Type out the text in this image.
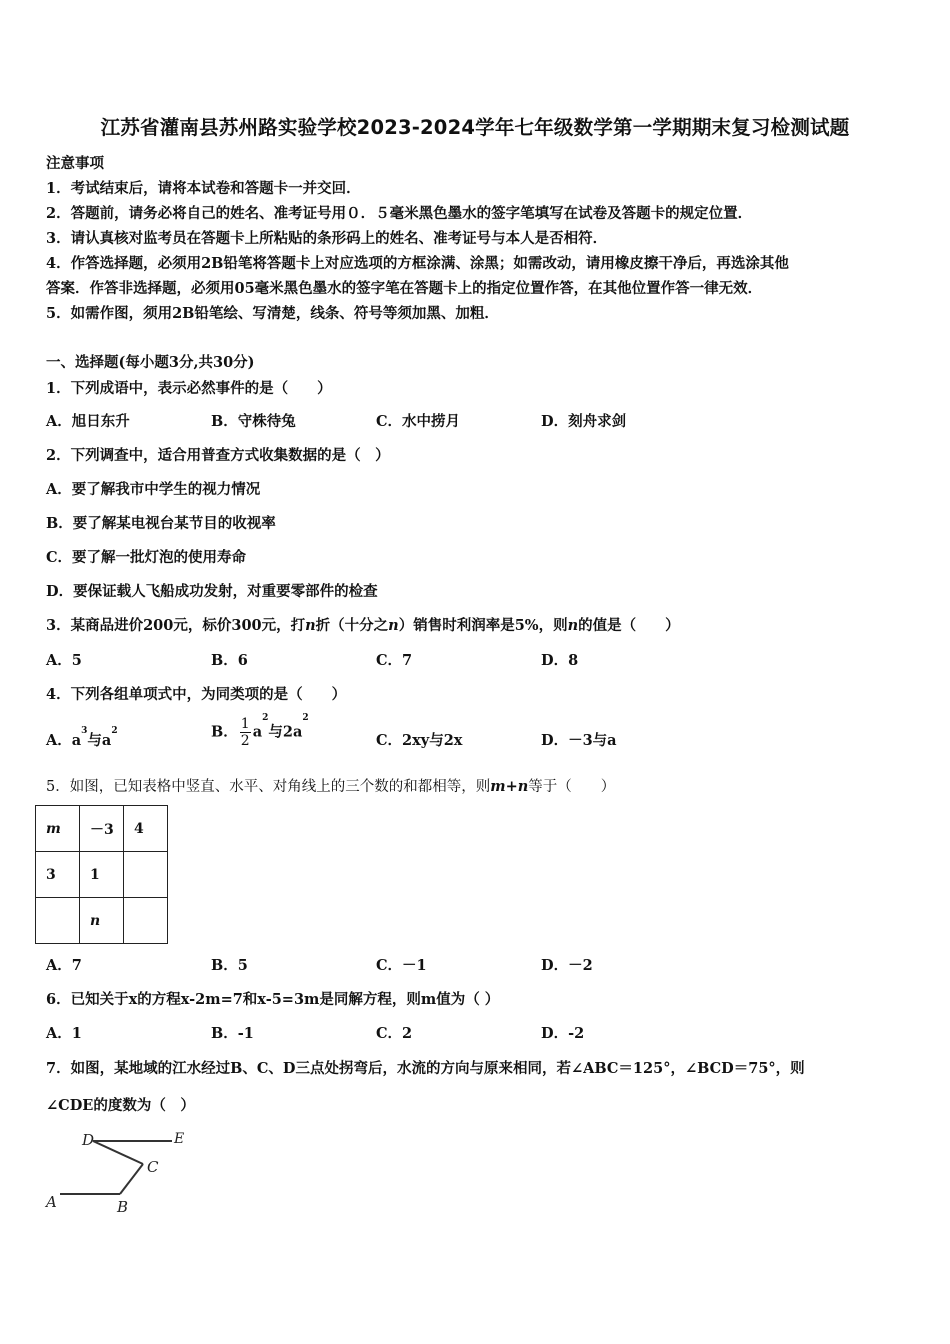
江苏省灌南县苏州路实验学校2023-2024学年七年级数学第一学期期末复习检测试题
注意事项
1．考试结束后，请将本试卷和答题卡一并交回．
2．答题前，请务必将自己的姓名、准考证号用０．５毫米黑色墨水的签字笔填写在试卷及答题卡的规定位置．
3．请认真核对监考员在答题卡上所粘贴的条形码上的姓名、准考证号与本人是否相符．
4．作答选择题，必须用2B铅笔将答题卡上对应选项的方框涂满、涂黑；如需改动，请用橡皮擦干净后，再选涂其他
答案．作答非选择题，必须用05毫米黑色墨水的签字笔在答题卡上的指定位置作答，在其他位置作答一律无效．
5．如需作图，须用2B铅笔绘、写清楚，线条、符号等须加黑、加粗．
一、选择题(每小题3分,共30分)
1．下列成语中，表示必然事件的是（　　）
A．旭日东升	B．守株待兔	C．水中捞月	D．刻舟求剑
2．下列调查中，适合用普查方式收集数据的是（　）
A．要了解我市中学生的视力情况
B．要了解某电视台某节目的收视率
C．要了解一批灯泡的使用寿命
D．要保证载人飞船成功发射，对重要零部件的检查
3．某商品进价200元，标价300元，打n折（十分之n）销售时利润率是5%，则n的值是（　　）
A．5	B．6	C．7	D．8
4．下列各组单项式中，为同类项的是（　　）
A．$a^3$与$a^2$	B． $\frac{1}{2} a^2$与$2a^2$
C．2xy与2x	D．－3与a
5．如图，已知表格中竖直、水平、对角线上的三个数的和都相等，则m+n等于（　　）
m	－3	4
3	1	
	n	
A．7	B．5	C．－1	D．－2
6．已知关于x的方程x-2m=7和x-5=3m是同解方程，则m值为（ ）
A．1	B．-1	C．2	D．-2
7．如图，某地域的江水经过B、C、D三点处拐弯后，水流的方向与原来相同，若∠ABC＝125°，∠BCD＝75°，则
∠CDE的度数为（　）
D	E
C
A	B
